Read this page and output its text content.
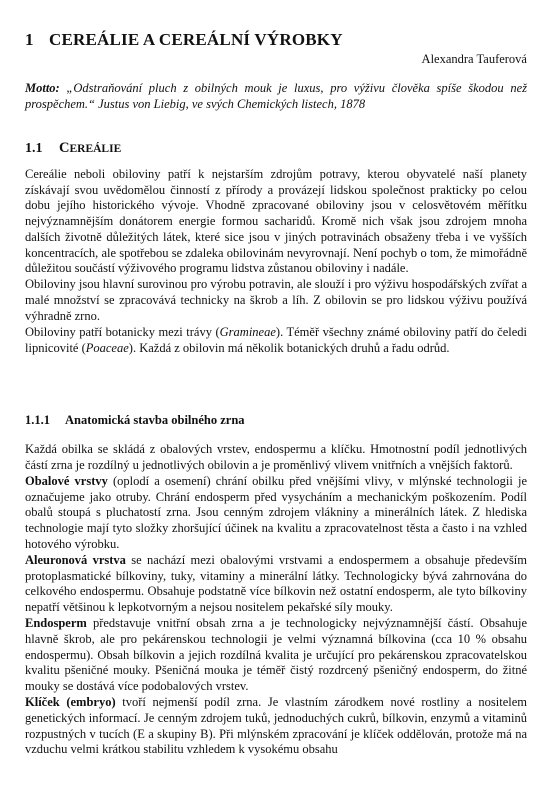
1 CEREÁLIE A CEREÁLNÍ VÝROBKY
Alexandra Tauferová
Motto: „Odstraňování pluch z obilných mouk je luxus, pro výživu člověka spíše škodou než prospěchem.“ Justus von Liebig, ve svých Chemických listech, 1878
1.1 CEREÁLIE

Cereálie neboli obiloviny patří k nejstarším zdrojům potravy, kterou obyvatelé naší planety získávají svou uvědomělou činností z přírody a provázejí lidskou společnost prakticky po celou dobu jejího historického vývoje. Vhodně zpracované obiloviny jsou v celosvětovém měřítku nejvýznamnějším donátorem energie formou sacharidů. Kromě nich však jsou zdrojem mnoha dalších životně důležitých látek, které sice jsou v jiných potravinách obsaženy třeba i ve vyšších koncentracích, ale spotřebou se zdaleka obilovinám nevyrovnají. Není pochyb o tom, že mimořádně důležitou součástí výživového programu lidstva zůstanou obiloviny i nadále.

Obiloviny jsou hlavní surovinou pro výrobu potravin, ale slouží i pro výživu hospodářských zvířat a malé množství se zpracovává technicky na škrob a líh. Z obilovin se pro lidskou výživu používá výhradně zrno.

Obiloviny patří botanicky mezi trávy (Gramineae). Téměř všechny známé obiloviny patří do čeledi lipnicovité (Poaceae). Každá z obilovin má několik botanických druhů a řadu odrůd.

1.1.1 Anatomická stavba obilného zrna

Každá obilka se skládá z obalových vrstev, endospermu a klíčku. Hmotnostní podíl jednotlivých částí zrna je rozdílný u jednotlivých obilovin a je proměnlivý vlivem vnitřních a vnějších faktorů.

Obalové vrstvy (oplodí a osemení) chrání obilku před vnějšími vlivy, v mlýnské technologii je označujeme jako otruby. Chrání endosperm před vysycháním a mechanickým poškozením. Podíl obalů stoupá s pluchatostí zrna. Jsou cenným zdrojem vlákniny a minerálních látek. Z hlediska technologie mají tyto složky zhoršující účinek na kvalitu a zpracovatelnost těsta a často i na vzhled hotového výrobku.

Aleuronová vrstva se nachází mezi obalovými vrstvami a endospermem a obsahuje především protoplasmatické bílkoviny, tuky, vitaminy a minerální látky. Technologicky bývá zahrnována do celkového endospermu. Obsahuje podstatně více bílkovin než ostatní endosperm, ale tyto bílkoviny nepatří většinou k lepkotvorným a nejsou nositelem pekařské síly mouky.

Endosperm představuje vnitřní obsah zrna a je technologicky nejvýznamnější částí. Obsahuje hlavně škrob, ale pro pekárenskou technologii je velmi významná bílkovina (cca 10 % obsahu endospermu). Obsah bílkovin a jejich rozdílná kvalita je určující pro pekárenskou zpracovatelskou kvalitu pšeničné mouky. Pšeničná mouka je téměř čistý rozdrcený pšeničný endosperm, do žitné mouky se dostává více podobalových vrstev.

Klíček (embryo) tvoří nejmenší podíl zrna. Je vlastním zárodkem nové rostliny a nositelem genetických informací. Je cenným zdrojem tuků, jednoduchých cukrů, bílkovin, enzymů a vitaminů rozpustných v tucích (E a skupiny B). Při mlýnském zpracování je klíček oddělován, protože má na vzduchu velmi krátkou stabilitu vzhledem k vysokému obsahu
